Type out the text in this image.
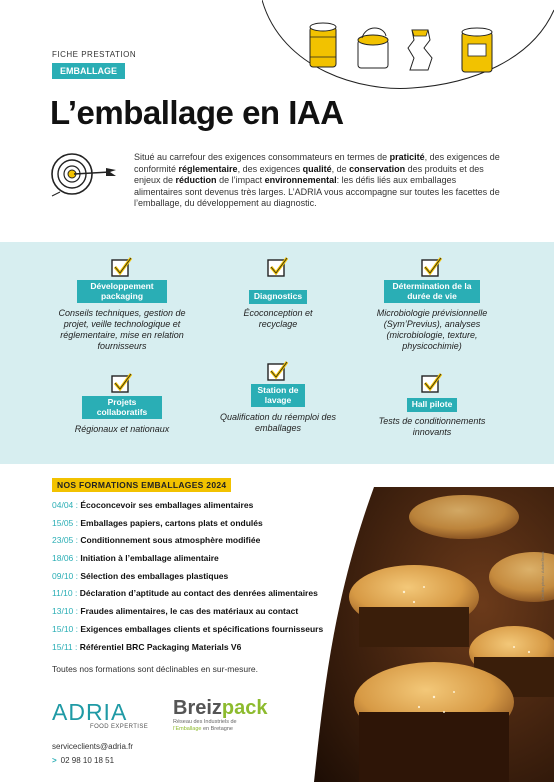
FICHE PRESTATION
EMBALLAGE
L’emballage en IAA

Situé au carrefour des exigences consommateurs en termes de praticité, des exigences de conformité réglementaire, des exigences qualité, de conservation des produits et des enjeux de réduction de l’impact environnemental: les défis liés aux emballages alimentaires sont devenus très larges. L’ADRIA vous accompagne sur toutes les facettes de l’emballage, du développement au diagnostic.

Développement packaging
Conseils techniques, gestion de projet, veille technologique et réglementaire, mise en relation fournisseurs
Diagnostics
Écoconception et recyclage
Détermination de la durée de vie
Microbiologie prévisionnelle (Sym’Previus), analyses (microbiologie, texture, physicochimie)
Projets collaboratifs
Régionaux et nationaux
Station de lavage
Qualification du réemploi des emballages
Hall pilote
Tests de conditionnements innovants
Crédits photo : AdobeStock
NOS FORMATIONS EMBALLAGES 2024
04/04 : Écoconcevoir ses emballages alimentaires
15/05 : Emballages papiers, cartons plats et ondulés
23/05 : Conditionnement sous atmosphère modifiée
18/06 : Initiation à l’emballage alimentaire
09/10 : Sélection des emballages plastiques
11/10 : Déclaration d’aptitude au contact des denrées alimentaires
13/10 : Fraudes alimentaires, le cas des matériaux au contact
15/10 : Exigences emballages clients et spécifications fournisseurs
15/11 : Référentiel BRC Packaging Materials V6
Toutes nos formations sont déclinables en sur-mesure.
ADRIA
FOOD EXPERTISE
Breizpack
Réseau des Industriels de
l’Emballage en Bretagne
serviceclients@adria.fr
> 02 98 10 18 51
